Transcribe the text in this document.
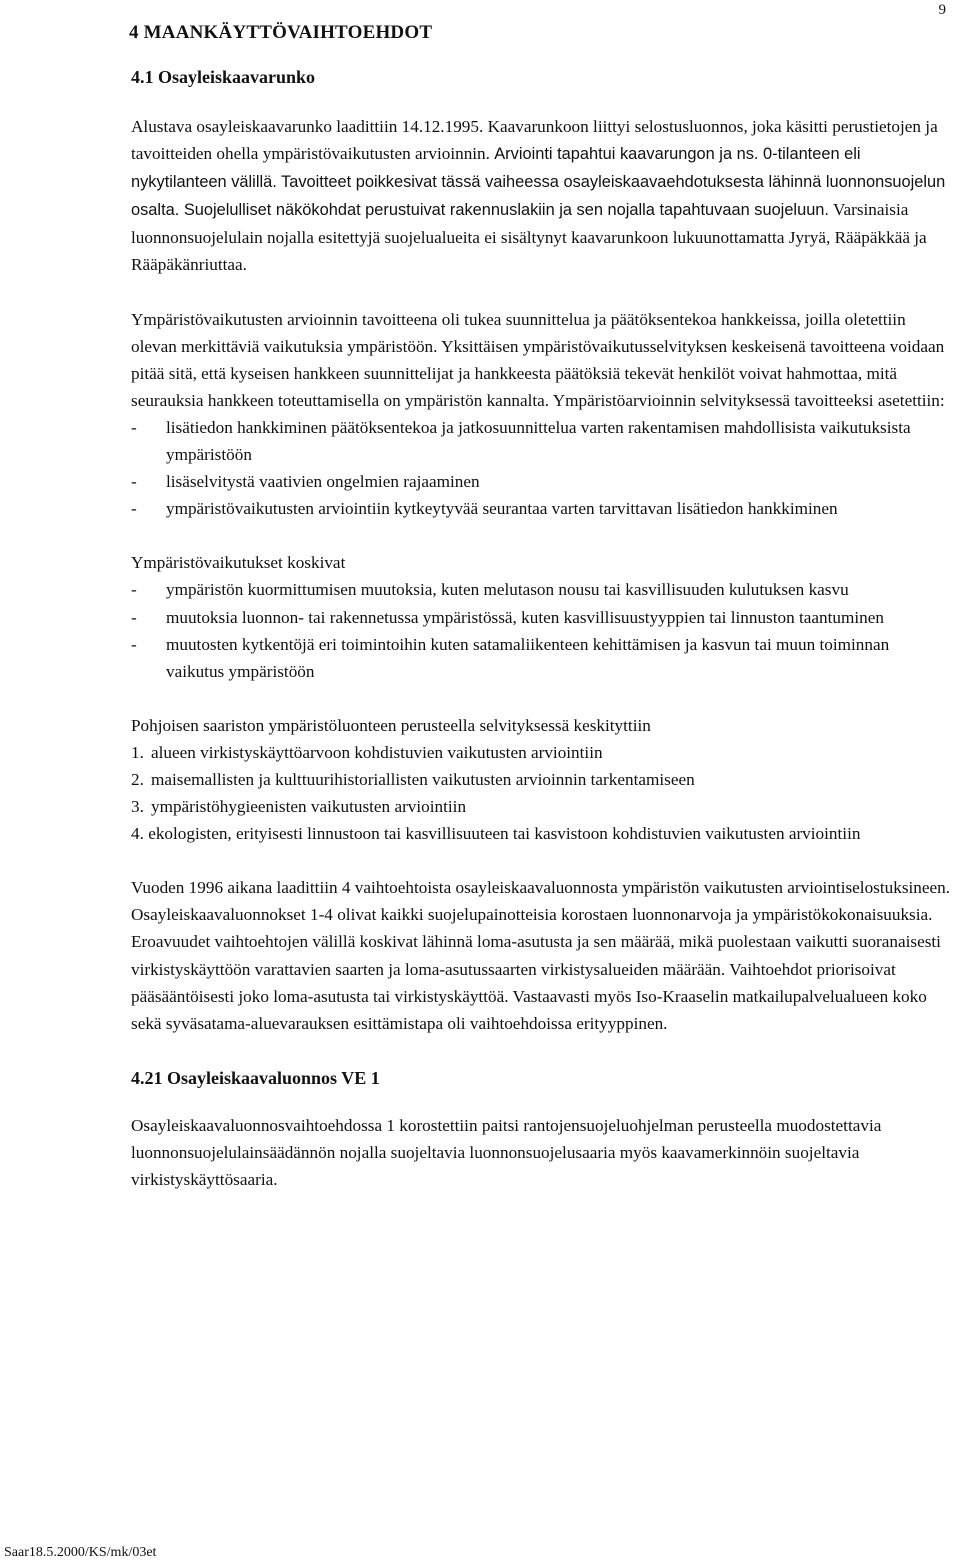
9
4 MAANKÄYTTÖVAIHTOEHDOT
4.1 Osayleiskaavarunko

Alustava osayleiskaavarunko laadittiin 14.12.1995. Kaavarunkoon liittyi selostusluonnos, joka käsitti perustietojen ja tavoitteiden ohella ympäristövaikutusten arvioinnin. Arviointi tapahtui kaavarungon ja ns. 0-tilanteen eli nykytilanteen välillä. Tavoitteet poikkesivat tässä vaiheessa osayleiskaavaehdotuksesta lähinnä luonnonsuojelun osalta. Suojelulliset näkökohdat perustuivat rakennuslakiin ja sen nojalla tapahtuvaan suojeluun. Varsinaisia luonnonsuojelulain nojalla esitettyjä suojelualueita ei sisältynyt kaavarunkoon lukuunottamatta Jyryä, Rääpäkkää ja Rääpäkänriuttaa.

Ympäristövaikutusten arvioinnin tavoitteena oli tukea suunnittelua ja päätöksentekoa hankkeissa, joilla oletettiin olevan merkittäviä vaikutuksia ympäristöön. Yksittäisen ympäristövaikutusselvityksen keskeisenä tavoitteena voidaan pitää sitä, että kyseisen hankkeen suunnittelijat ja hankkeesta päätöksiä tekevät henkilöt voivat hahmottaa, mitä seurauksia hankkeen toteuttamisella on ympäristön kannalta. Ympäristöarvioinnin selvityksessä tavoitteeksi asetettiin:

- lisätiedon hankkiminen päätöksentekoa ja jatkosuunnittelua varten rakentamisen mahdollisista vaikutuksista ympäristöön
- lisäselvitystä vaativien ongelmien rajaaminen
- ympäristövaikutusten arviointiin kytkeytyvää seurantaa varten tarvittavan lisätiedon hankkiminen

Ympäristövaikutukset koskivat

- ympäristön kuormittumisen muutoksia, kuten melutason nousu tai kasvillisuuden kulutuksen kasvu
- muutoksia luonnon- tai rakennetussa ympäristössä, kuten kasvillisuustyyppien tai linnuston taantuminen
- muutosten kytkentöjä eri toimintoihin kuten satamaliikenteen kehittämisen ja kasvun tai muun toiminnan vaikutus ympäristöön

Pohjoisen saariston ympäristöluonteen perusteella selvityksessä keskityttiin

1. alueen virkistyskäyttöarvoon kohdistuvien vaikutusten arviointiin
2. maisemallisten ja kulttuurihistoriallisten vaikutusten arvioinnin tarkentamiseen
3. ympäristöhygieenisten vaikutusten arviointiin
4. ekologisten, erityisesti linnustoon tai kasvillisuuteen tai kasvistoon kohdistuvien vaikutusten arviointiin

Vuoden 1996 aikana laadittiin 4 vaihtoehtoista osayleiskaavaluonnosta ympäristön vaikutusten arviointiselostuksineen. Osayleiskaavaluonnokset 1-4 olivat kaikki suojelupainotteisia korostaen luonnonarvoja ja ympäristökokonaisuuksia. Eroavuudet vaihtoehtojen välillä koskivat lähinnä loma-asutusta ja sen määrää, mikä puolestaan vaikutti suoranaisesti virkistyskäyttöön varattavien saarten ja loma-asutussaarten virkistysalueiden määrään. Vaihtoehdot priorisoivat pääsääntöisesti joko loma-asutusta tai virkistyskäyttöä. Vastaavasti myös Iso-Kraaselin matkailupalvelualueen koko sekä syväsatama-aluevarauksen esittämistapa oli vaihtoehdoissa erityyppinen.

4.21 Osayleiskaavaluonnos VE 1

Osayleiskaavaluonnosvaihtoehdossa 1 korostettiin paitsi rantojensuojeluohjelman perusteella muodostettavia luonnonsuojelulainsäädännön nojalla suojeltavia luonnonsuojelusaaria myös kaavamerkinnöin suojeltavia virkistyskäyttösaaria.

Saar18.5.2000/KS/mk/03et
